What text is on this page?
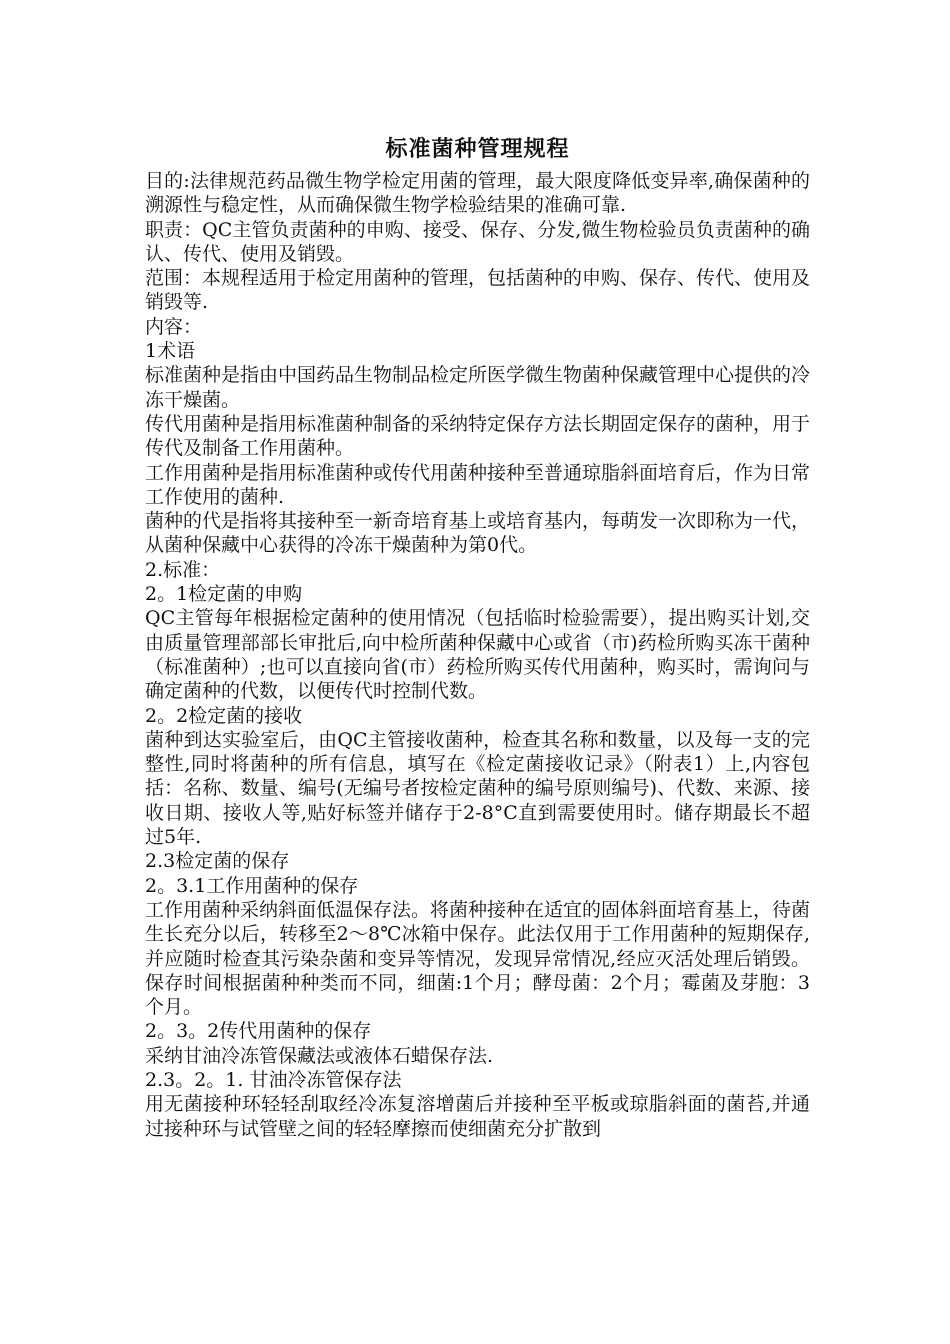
标准菌种管理规程

目的:法律规范药品微生物学检定用菌的管理，最大限度降低变异率,确保菌种的溯源性与稳定性，从而确保微生物学检验结果的准确可靠.

职责：QC主管负责菌种的申购、接受、保存、分发,微生物检验员负责菌种的确认、传代、使用及销毁。

范围：本规程适用于检定用菌种的管理，包括菌种的申购、保存、传代、使用及销毁等.

内容：

1术语

标准菌种是指由中国药品生物制品检定所医学微生物菌种保藏管理中心提供的冷冻干燥菌。

传代用菌种是指用标准菌种制备的采纳特定保存方法长期固定保存的菌种，用于传代及制备工作用菌种。

工作用菌种是指用标准菌种或传代用菌种接种至普通琼脂斜面培育后，作为日常工作使用的菌种.

菌种的代是指将其接种至一新奇培育基上或培育基内，每萌发一次即称为一代，从菌种保藏中心获得的冷冻干燥菌种为第0代。

2.标准：

2。1检定菌的申购

QC主管每年根据检定菌种的使用情况（包括临时检验需要），提出购买计划,交由质量管理部部长审批后,向中检所菌种保藏中心或省（市)药检所购买冻干菌种（标准菌种）;也可以直接向省(市）药检所购买传代用菌种，购买时，需询问与确定菌种的代数，以便传代时控制代数。

2。2检定菌的接收

菌种到达实验室后，由QC主管接收菌种，检查其名称和数量，以及每一支的完整性,同时将菌种的所有信息，填写在《检定菌接收记录》（附表1）上,内容包括：名称、数量、编号(无编号者按检定菌种的编号原则编号)、代数、来源、接收日期、接收人等,贴好标签并储存于2-8°C直到需要使用时。储存期最长不超过5年.

2.3检定菌的保存

2。3.1工作用菌种的保存

工作用菌种采纳斜面低温保存法。将菌种接种在适宜的固体斜面培育基上，待菌生长充分以后，转移至2～8℃冰箱中保存。此法仅用于工作用菌种的短期保存,并应随时检查其污染杂菌和变异等情况，发现异常情况,经应灭活处理后销毁。保存时间根据菌种种类而不同，细菌:1个月；酵母菌：2个月；霉菌及芽胞：3个月。

2。3。2传代用菌种的保存

采纳甘油冷冻管保藏法或液体石蜡保存法.

2.3。2。1. 甘油冷冻管保存法

用无菌接种环轻轻刮取经冷冻复溶增菌后并接种至平板或琼脂斜面的菌苔,并通过接种环与试管壁之间的轻轻摩擦而使细菌充分扩散到
